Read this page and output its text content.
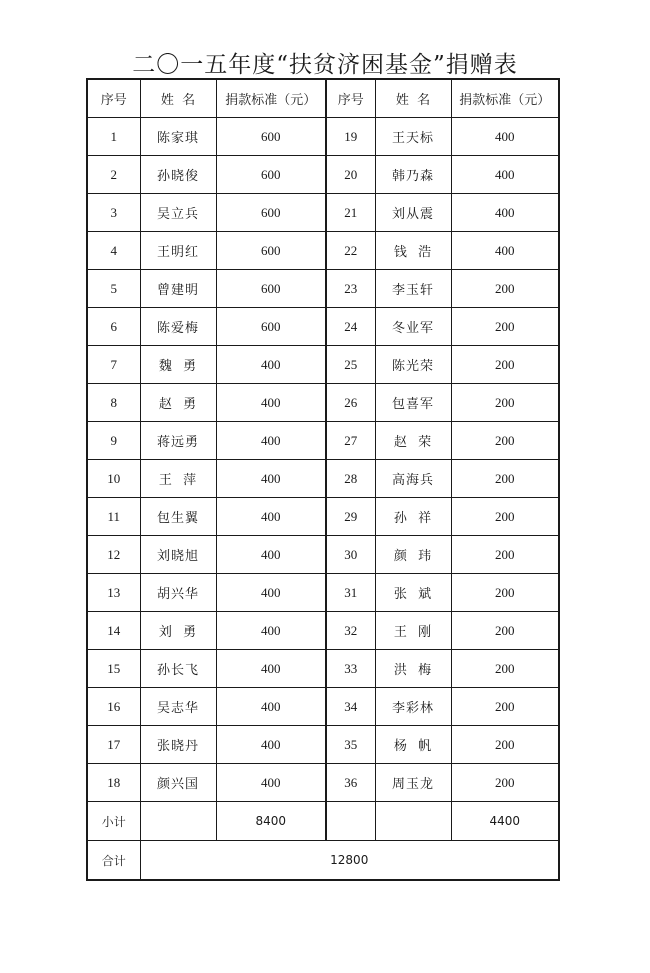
二〇一五年度“扶贫济困基金”捐赠表
序号	姓  名	捐款标准（元）	序号	姓  名	捐款标准（元）
1	陈家琪	600	19	王天标	400
2	孙晓俊	600	20	韩乃森	400
3	吴立兵	600	21	刘从震	400
4	王明红	600	22	钱  浩	400
5	曾建明	600	23	李玉轩	200
6	陈爱梅	600	24	冬业军	200
7	魏  勇	400	25	陈光荣	200
8	赵  勇	400	26	包喜军	200
9	蒋远勇	400	27	赵  荣	200
10	王  萍	400	28	高海兵	200
11	包生翼	400	29	孙  祥	200
12	刘晓旭	400	30	颜  玮	200
13	胡兴华	400	31	张  斌	200
14	刘  勇	400	32	王  刚	200
15	孙长飞	400	33	洪  梅	200
16	吴志华	400	34	李彩林	200
17	张晓丹	400	35	杨  帆	200
18	颜兴国	400	36	周玉龙	200
小计		8400			4400
合计	12800				
